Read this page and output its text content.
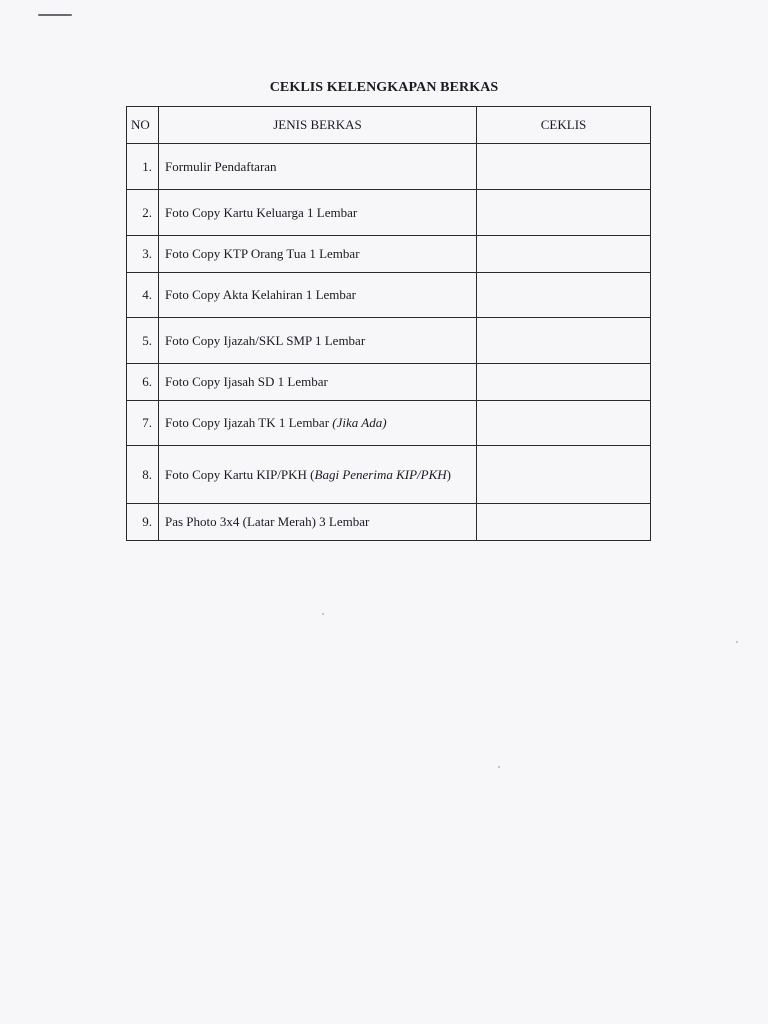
CEKLIS KELENGKAPAN BERKAS
NO	JENIS BERKAS	CEKLIS
1.	Formulir Pendaftaran	
2.	Foto Copy Kartu Keluarga 1 Lembar	
3.	Foto Copy KTP Orang Tua 1 Lembar	
4.	Foto Copy Akta Kelahiran 1 Lembar	
5.	Foto Copy Ijazah/SKL SMP 1 Lembar	
6.	Foto Copy Ijasah SD 1 Lembar	
7.	Foto Copy Ijazah TK 1 Lembar (Jika Ada)	
8.	Foto Copy Kartu KIP/PKH (Bagi Penerima KIP/PKH)	
9.	Pas Photo 3x4 (Latar Merah) 3 Lembar	
